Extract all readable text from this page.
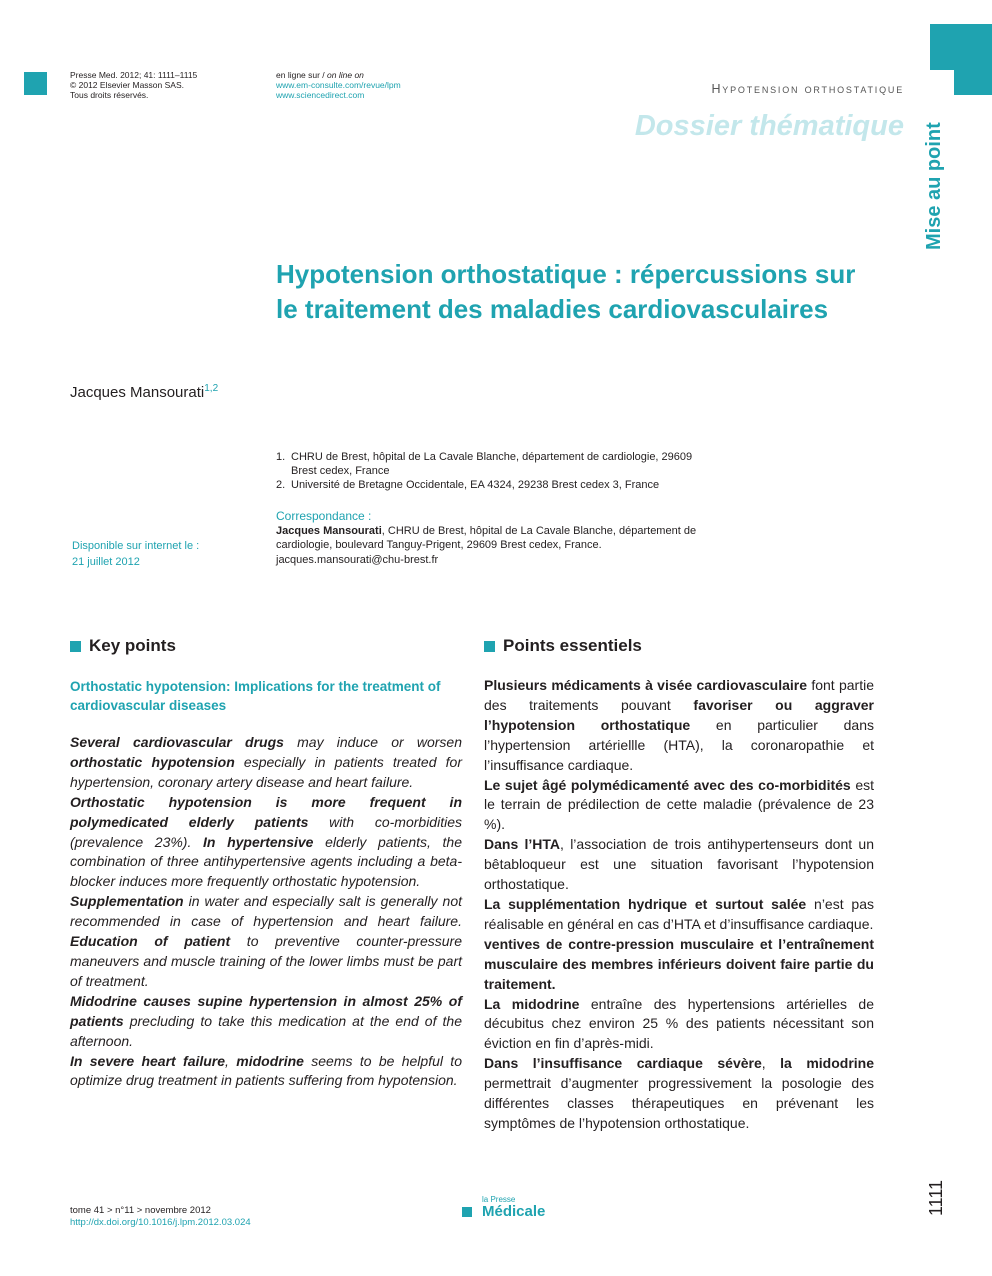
Presse Med. 2012; 41: 1111–1115
© 2012 Elsevier Masson SAS.
Tous droits réservés.
en ligne sur / on line on
www.em-consulte.com/revue/lpm
www.sciencedirect.com	Hypotension orthostatique
Dossier thématique Mise au point
Hypotension orthostatique : répercussions sur
le traitement des maladies cardiovasculaires
Jacques Mansourati$^{1,2}$
1. CHRU de Brest, hôpital de La Cavale Blanche, département de cardiologie, 29609 Brest cedex, France
2. Université de Bretagne Occidentale, EA 4324, 29238 Brest cedex 3, France
Correspondance :
Jacques Mansourati, CHRU de Brest, hôpital de La Cavale Blanche, département de cardiologie, boulevard Tanguy-Prigent, 29609 Brest cedex, France.
jacques.mansourati@chu-brest.fr
Disponible sur internet le :
21 juillet 2012
Key points
Orthostatic hypotension: Implications for the treatment of cardiovascular diseases

Several cardiovascular drugs may induce or worsen orthostatic hypotension especially in patients treated for hypertension, coronary artery disease and heart failure.

Orthostatic hypotension is more frequent in polymedicated elderly patients with co-morbidities (prevalence 23%). In hypertensive elderly patients, the combination of three antihypertensive agents including a beta-blocker induces more frequently orthostatic hypotension.

Supplementation in water and especially salt is generally not recommended in case of hypertension and heart failure. Education of patient to preventive counter-pressure maneuvers and muscle training of the lower limbs must be part of treatment.

Midodrine causes supine hypertension in almost 25% of patients precluding to take this medication at the end of the afternoon.

In severe heart failure, midodrine seems to be helpful to optimize drug treatment in patients suffering from hypotension.

Points essentiels

Plusieurs médicaments à visée cardiovasculaire font partie des traitements pouvant favoriser ou aggraver l’hypotension orthostatique en particulier dans l’hypertension artériellle (HTA), la coronaropathie et l’insuffisance cardiaque.

Le sujet âgé polymédicamenté avec des co-morbidités est le terrain de prédilection de cette maladie (prévalence de 23 %).

Dans l’HTA, l’association de trois antihypertenseurs dont un bêtabloqueur est une situation favorisant l’hypotension orthostatique.

La supplémentation hydrique et surtout salée n’est pas réalisable en général en cas d’HTA et d’insuffisance cardiaque.

ventives de contre-pression musculaire et l’entraînement musculaire des membres inférieurs doivent faire partie du traitement.

La midodrine entraîne des hypertensions artérielles de décubitus chez environ 25 % des patients nécessitant son éviction en fin d’après-midi.

Dans l’insuffisance cardiaque sévère, la midodrine permettrait d’augmenter progressivement la posologie des différentes classes thérapeutiques en prévenant les symptômes de l’hypotension orthostatique.

tome 41 > n°11 > novembre 2012
http://dx.doi.org/10.1016/j.lpm.2012.03.024
la Presse
Médicale	1111
